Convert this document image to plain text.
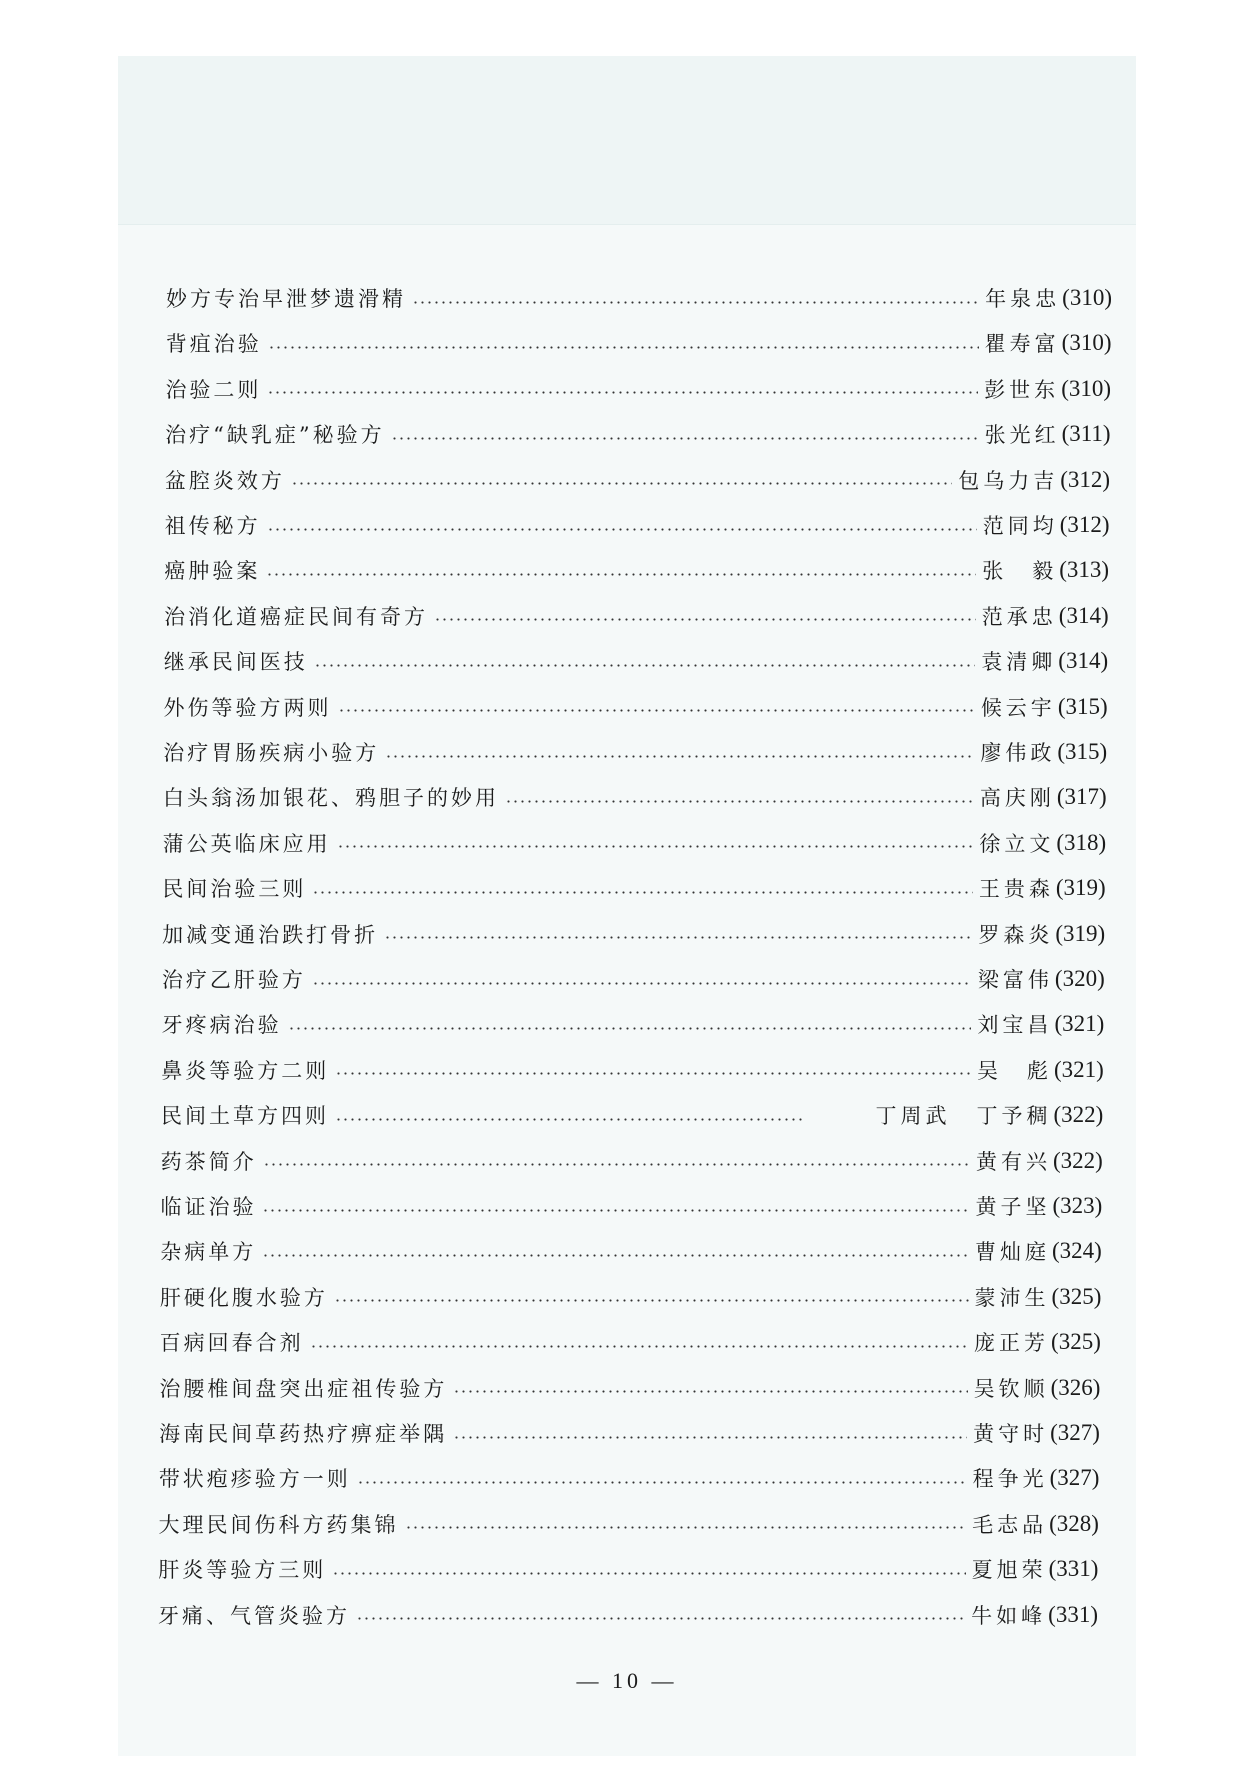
妙方专治早泄梦遗滑精	年泉忠 (310)
背疽治验	瞿寿富 (310)
治验二则	彭世东 (310)
治疗“缺乳症”秘验方	张光红 (311)
盆腔炎效方	包乌力吉 (312)
祖传秘方	范同均 (312)
癌肿验案	张　毅 (313)
治消化道癌症民间有奇方	范承忠 (314)
继承民间医技	袁清卿 (314)
外伤等验方两则	候云宇 (315)
治疗胃肠疾病小验方	廖伟政 (315)
白头翁汤加银花、鸦胆子的妙用	高庆刚 (317)
蒲公英临床应用	徐立文 (318)
民间治验三则	王贵森 (319)
加减变通治跌打骨折	罗森炎 (319)
治疗乙肝验方	梁富伟 (320)
牙疼病治验	刘宝昌 (321)
鼻炎等验方二则	吴　彪 (321)
民间土草方四则	丁周武 丁予稠 (322)
药茶简介	黄有兴 (322)
临证治验	黄子坚 (323)
杂病单方	曹灿庭 (324)
肝硬化腹水验方	蒙沛生 (325)
百病回春合剂	庞正芳 (325)
治腰椎间盘突出症祖传验方	吴钦顺 (326)
海南民间草药热疗痹症举隅	黄守时 (327)
带状疱疹验方一则	程争光 (327)
大理民间伤科方药集锦	毛志品 (328)
肝炎等验方三则	夏旭荣 (331)
牙痛、气管炎验方	牛如峰 (331)
— 10 —
